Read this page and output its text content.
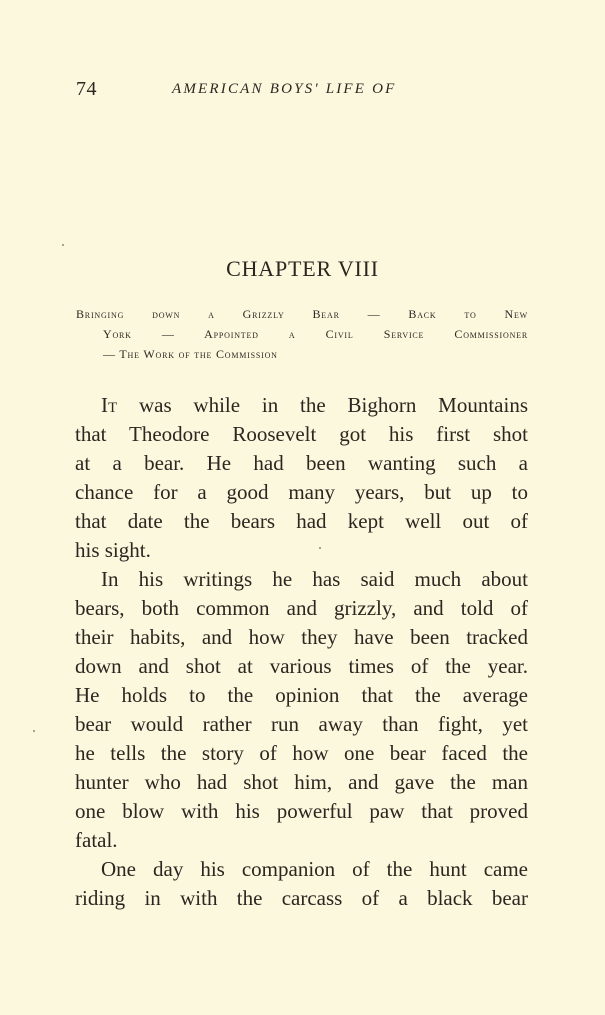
74	AMERICAN BOYS' LIFE OF
CHAPTER VIII
Bringing down a Grizzly Bear — Back to New
York — Appointed a Civil Service Commissioner
— The Work of the Commission
It was while in the Bighorn Mountains
that Theodore Roosevelt got his first shot
at a bear. He had been wanting such a
chance for a good many years, but up to
that date the bears had kept well out of
his sight.
In his writings he has said much about
bears, both common and grizzly, and told of
their habits, and how they have been tracked
down and shot at various times of the year.
He holds to the opinion that the average
bear would rather run away than fight, yet
he tells the story of how one bear faced the
hunter who had shot him, and gave the man
one blow with his powerful paw that proved
fatal.
One day his companion of the hunt came
riding in with the carcass of a black bear
